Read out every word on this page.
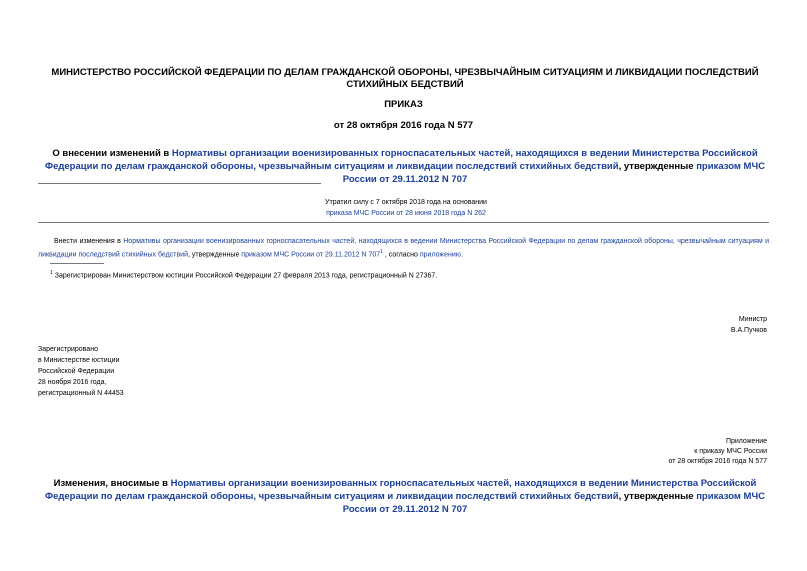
МИНИСТЕРСТВО РОССИЙСКОЙ ФЕДЕРАЦИИ ПО ДЕЛАМ ГРАЖДАНСКОЙ ОБОРОНЫ, ЧРЕЗВЫЧАЙНЫМ СИТУАЦИЯМ И ЛИКВИДАЦИИ ПОСЛЕДСТВИЙ СТИХИЙНЫХ БЕДСТВИЙ
ПРИКАЗ
от 28 октября 2016 года N 577
О внесении изменений в Нормативы организации военизированных горноспасательных частей, находящихся в ведении Министерства Российской Федерации по делам гражданской обороны, чрезвычайным ситуациям и ликвидации последствий стихийных бедствий, утвержденные приказом МЧС России от 29.11.2012 N 707
Утратил силу с 7 октября 2018 года на основании
приказа МЧС России от 28 июня 2018 года N 262
Внести изменения в Нормативы организации военизированных горноспасательных частей, находящихся в ведении Министерства Российской Федерации по делам гражданской обороны, чрезвычайным ситуациям и ликвидации последствий стихийных бедствий, утвержденные приказом МЧС России от 29.11.2012 N $707^1$ , согласно приложению.
$^1$ Зарегистрирован Министерством юстиции Российской Федерации 27 февраля 2013 года, регистрационный N 27367.
Министр
В.А.Пучков
Зарегистрировано
в Министерстве юстиции
Российской Федерации
28 ноября 2016 года,
регистрационный N 44453
Приложение
к приказу МЧС России
от 28 октября 2016 года N 577
Изменения, вносимые в Нормативы организации военизированных горноспасательных частей, находящихся в ведении Министерства Российской Федерации по делам гражданской обороны, чрезвычайным ситуациям и ликвидации последствий стихийных бедствий, утвержденные приказом МЧС России от 29.11.2012 N 707
